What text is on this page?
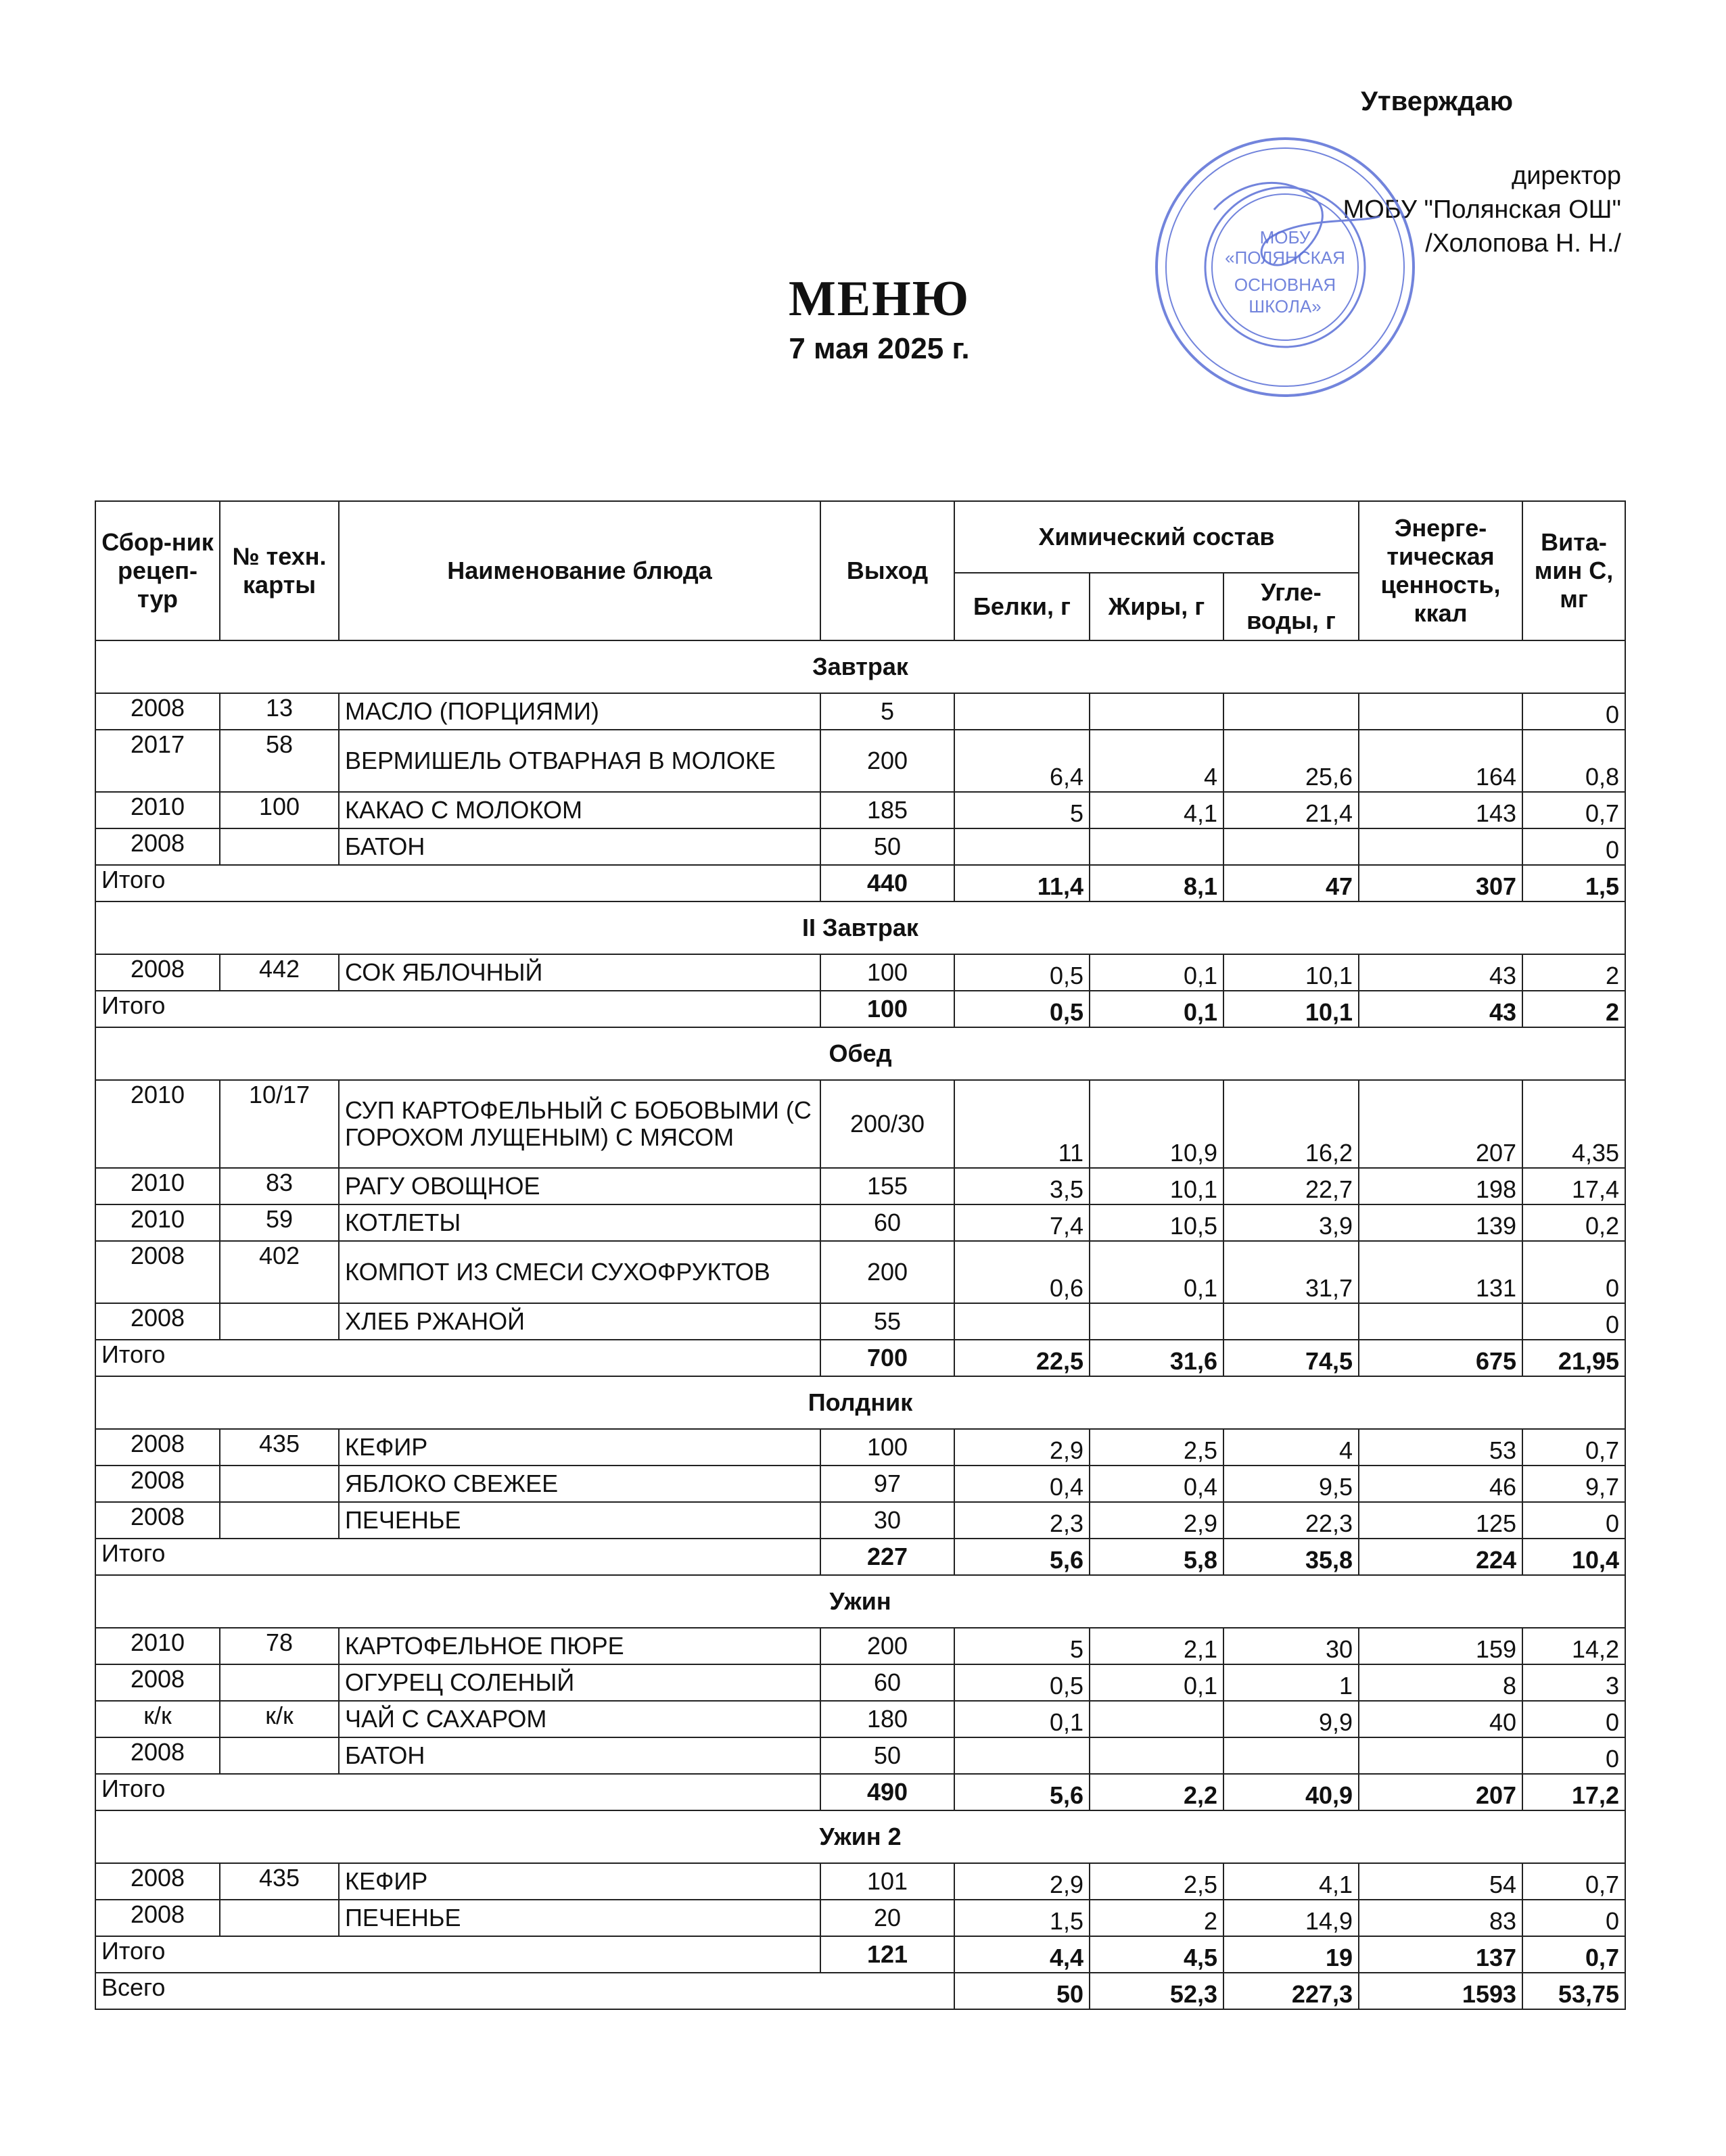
Утверждаю
директор
МОБУ "Полянская ОШ"
/Холопова Н. Н./
МОБУ
«ПОЛЯНСКАЯ
ОСНОВНАЯ
ШКОЛА»
МЕНЮ
7 мая 2025 г.
Сбор-ник рецеп-тур	№ техн. карты	Наименование блюда	Выход	Химический состав			Энерге-тическая ценность, ккал	Вита-мин С, мг
				Белки, г	Жиры, г	Угле-воды, г		
Завтрак								
2008	13	МАСЛО (ПОРЦИЯМИ)	5					0
2017	58	ВЕРМИШЕЛЬ ОТВАРНАЯ В МОЛОКЕ	200	6,4	4	25,6	164	0,8
2010	100	КАКАО С МОЛОКОМ	185	5	4,1	21,4	143	0,7
2008		БАТОН	50					0
Итого			440	11,4	8,1	47	307	1,5
II Завтрак								
2008	442	СОК ЯБЛОЧНЫЙ	100	0,5	0,1	10,1	43	2
Итого			100	0,5	0,1	10,1	43	2
Обед								
2010	10/17	СУП КАРТОФЕЛЬНЫЙ С БОБОВЫМИ (С ГОРОХОМ ЛУЩЕНЫМ) С МЯСОМ	200/30	11	10,9	16,2	207	4,35
2010	83	РАГУ ОВОЩНОЕ	155	3,5	10,1	22,7	198	17,4
2010	59	КОТЛЕТЫ	60	7,4	10,5	3,9	139	0,2
2008	402	КОМПОТ ИЗ СМЕСИ СУХОФРУКТОВ	200	0,6	0,1	31,7	131	0
2008		ХЛЕБ РЖАНОЙ	55					0
Итого			700	22,5	31,6	74,5	675	21,95
Полдник								
2008	435	КЕФИР	100	2,9	2,5	4	53	0,7
2008		ЯБЛОКО СВЕЖЕЕ	97	0,4	0,4	9,5	46	9,7
2008		ПЕЧЕНЬЕ	30	2,3	2,9	22,3	125	0
Итого			227	5,6	5,8	35,8	224	10,4
Ужин								
2010	78	КАРТОФЕЛЬНОЕ ПЮРЕ	200	5	2,1	30	159	14,2
2008		ОГУРЕЦ СОЛЕНЫЙ	60	0,5	0,1	1	8	3
к/к	к/к	ЧАЙ С САХАРОМ	180	0,1		9,9	40	0
2008		БАТОН	50					0
Итого			490	5,6	2,2	40,9	207	17,2
Ужин 2								
2008	435	КЕФИР	101	2,9	2,5	4,1	54	0,7
2008		ПЕЧЕНЬЕ	20	1,5	2	14,9	83	0
Итого			121	4,4	4,5	19	137	0,7
Всего				50	52,3	227,3	1593	53,75
